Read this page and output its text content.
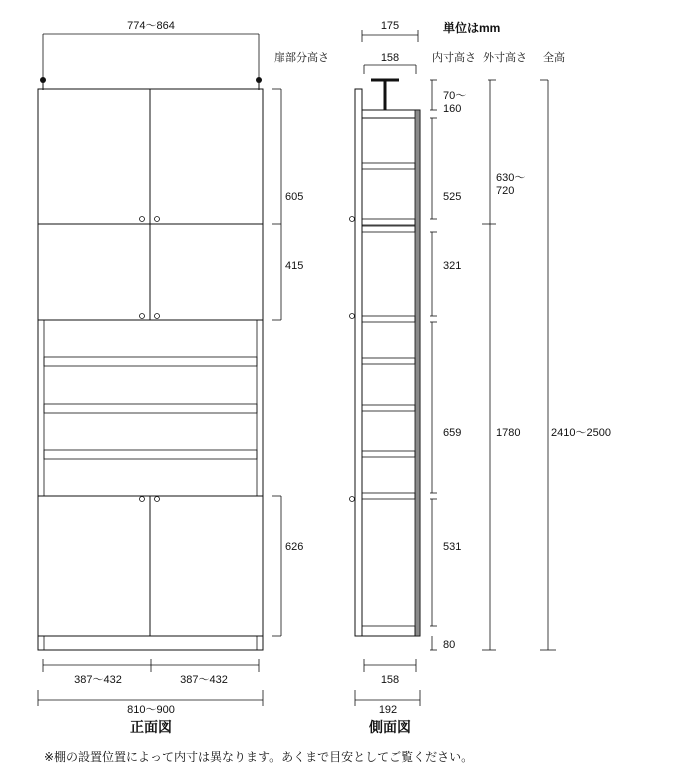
774～864
605
415
626
387～432	387～432
810～900
正面図
175
158
70～ 160
525
321
659
531
80
630～ 720
1780	2410～2500
158
192
側面図
単位はmm
扉部分高さ	内寸高さ 外寸高さ 全高
※棚の設置位置によって内寸は異なります。あくまで目安としてご覧ください。
